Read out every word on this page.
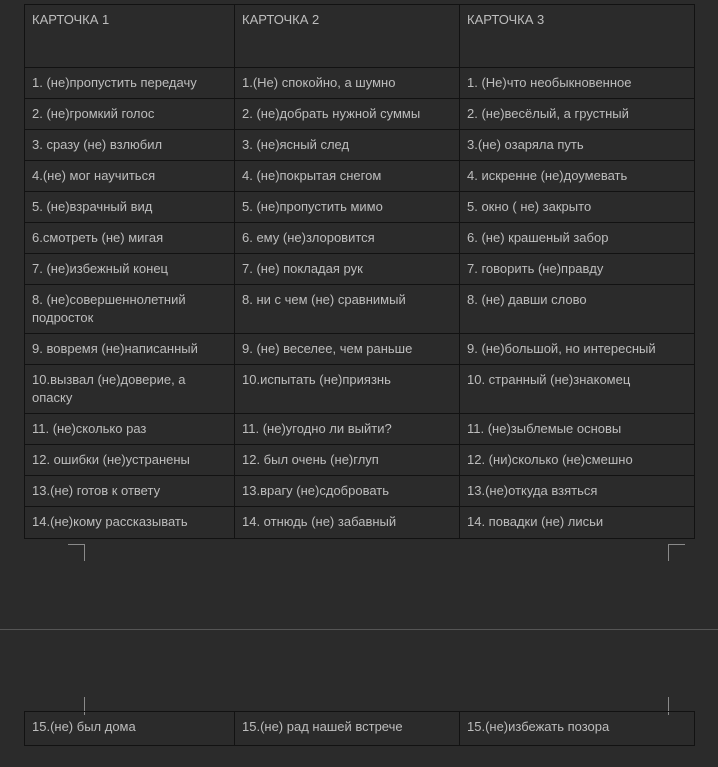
КАРТОЧКА 1	КАРТОЧКА 2	КАРТОЧКА 3
1. (не)пропустить передачу	1.(Не) спокойно, а шумно	1. (Не)что необыкновенное
2. (не)громкий голос	2. (не)добрать нужной суммы	2. (не)весёлый, а грустный
3. сразу (не) взлюбил	3. (не)ясный след	3.(не) озаряла путь
4.(не) мог научиться	4. (не)покрытая снегом	4. искренне (не)доумевать
5. (не)взрачный вид	5. (не)пропустить мимо	5. окно ( не) закрыто
6.смотреть (не) мигая	6. ему (не)злоровится	6. (не) крашеный забор
7. (не)избежный конец	7. (не) покладая рук	7. говорить (не)правду
8. (не)совершеннолетний подросток	8. ни с чем (не) сравнимый	8. (не) давши слово
9. вовремя (не)написанный	9. (не) веселее, чем раньше	9. (не)большой, но интересный
10.вызвал (не)доверие, а опаску	10.испытать (не)приязнь	10. странный (не)знакомец
11. (не)сколько раз	11. (не)угодно ли выйти?	11. (не)зыблемые основы
12. ошибки (не)устранены	12. был очень (не)глуп	12. (ни)сколько (не)смешно
13.(не) готов к ответу	13.врагу (не)сдобровать	13.(не)откуда взяться
14.(не)кому рассказывать	14. отнюдь (не) забавный	14. повадки (не) лисьи
15.(не) был дома	15.(не) рад нашей встрече	15.(не)избежать позора
